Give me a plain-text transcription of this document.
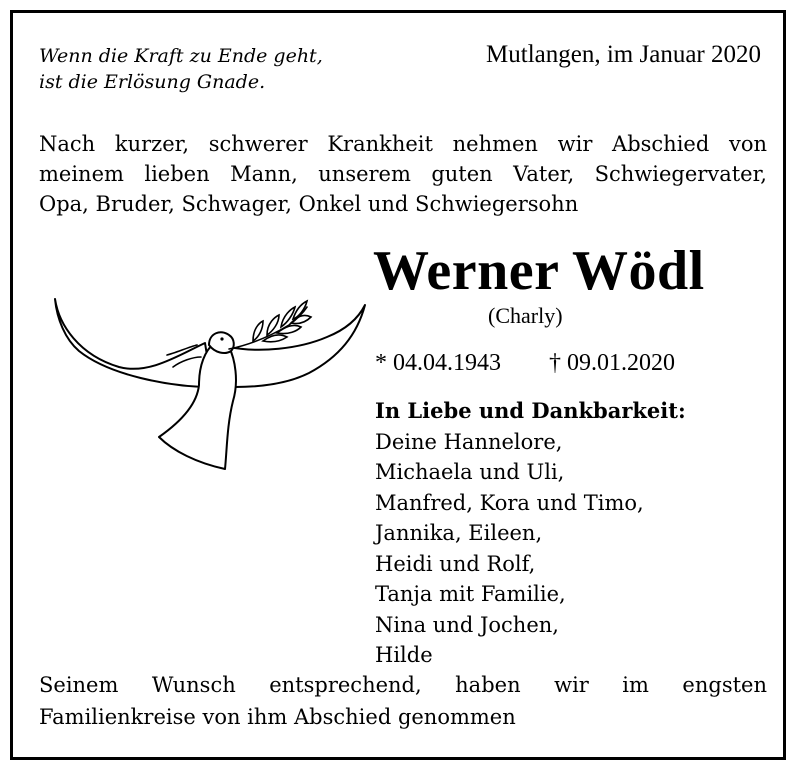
Wenn die Kraft zu Ende geht,
ist die Erlösung Gnade.
Mutlangen, im Januar 2020
Nach kurzer, schwerer Krankheit nehmen wir Abschied von
meinem lieben Mann, unserem guten Vater, Schwiegervater,
Opa, Bruder, Schwager, Onkel und Schwiegersohn
Werner Wödl
(Charly)
* 04.04.1943 † 09.01.2020
In Liebe und Dankbarkeit:
Deine Hannelore,
Michaela und Uli,
Manfred, Kora und Timo,
Jannika, Eileen,
Heidi und Rolf,
Tanja mit Familie,
Nina und Jochen,
Hilde
Seinem Wunsch entsprechend, haben wir im engsten
Familienkreise von ihm Abschied genommen
